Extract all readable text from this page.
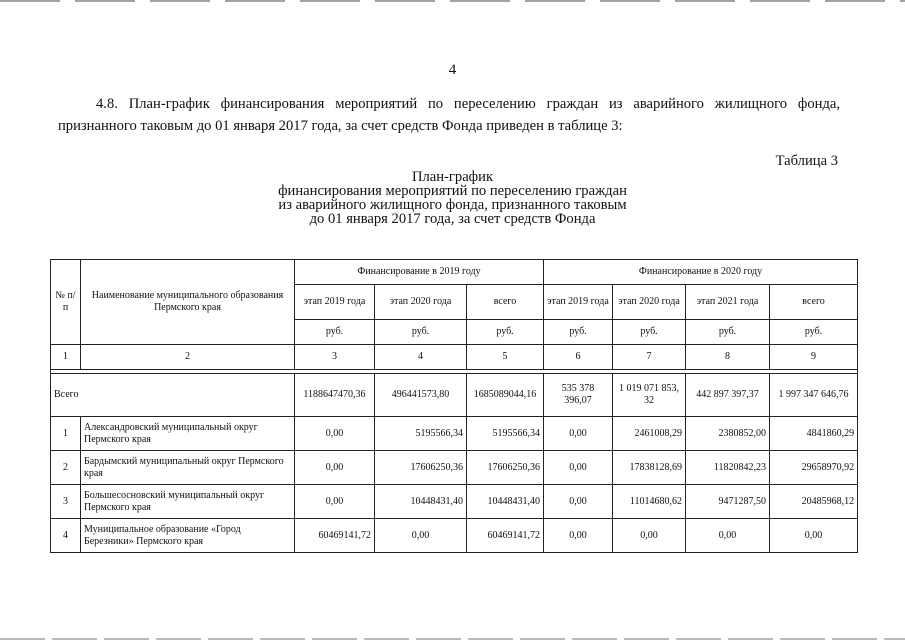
4
4.8. План-график финансирования мероприятий по переселению граждан из аварийного жилищного фонда,
признанного таковым до 01 января 2017 года, за счет средств Фонда приведен в таблице 3:
Таблица 3
План-график
финансирования мероприятий по переселению граждан
из аварийного жилищного фонда, признанного таковым
до 01 января 2017 года, за счет средств Фонда
№ п/п	Наименование муниципального образования Пермского края	Финансирование в 2019 году			Финансирование в 2020 году			
		этап 2019 года	этап 2020 года	всего	этап 2019 года	этап 2020 года	этап 2021 года	всего
		руб.	руб.	руб.	руб.	руб.	руб.	руб.
1	2	3	4	5	6	7	8	9

Всего		1188647470,36	496441573,80	1685089044,16	535 378 396,07	1 019 071 853, 32	442 897 397,37	1 997 347 646,76
1	Александровский муниципальный округ Пермского края	0,00	5195566,34	5195566,34	0,00	2461008,29	2380852,00	4841860,29
2	Бардымский муниципальный округ Пермского края	0,00	17606250,36	17606250,36	0,00	17838128,69	11820842,23	29658970,92
3	Большесосновский муниципальный округ Пермского края	0,00	10448431,40	10448431,40	0,00	11014680,62	9471287,50	20485968,12
4	Муниципальное образование «Город Березники» Пермского края	60469141,72	0,00	60469141,72	0,00	0,00	0,00	0,00
